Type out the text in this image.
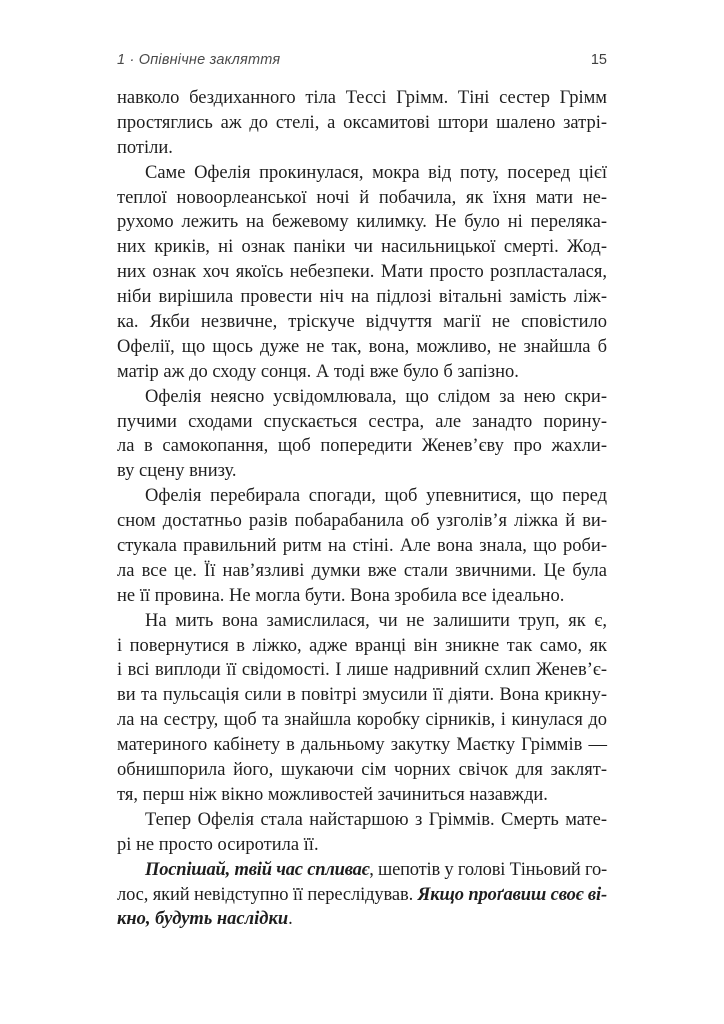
1 · Опівнічне закляття	15
навколо бездиханного тіла Тессі Грімм. Тіні сестер Грімм
простяглись аж до стелі, а оксамитові штори шалено затрі-
потіли.
Саме Офелія прокинулася, мокра від поту, посеред цієї
теплої новоорлеанської ночі й побачила, як їхня мати не-
рухомо лежить на бежевому килимку. Не було ні переляка-
них криків, ні ознак паніки чи насильницької смерті. Жод-
них ознак хоч якоїсь небезпеки. Мати просто розпласталася,
ніби вирішила провести ніч на підлозі вітальні замість ліж-
ка. Якби незвичне, тріскуче відчуття магії не сповістило
Офелії, що щось дуже не так, вона, можливо, не знайшла б
матір аж до сходу сонця. А тоді вже було б запізно.
Офелія неясно усвідомлювала, що слідом за нею скри-
пучими сходами спускається сестра, але занадто порину-
ла в самокопання, щоб попередити Женев’єву про жахли-
ву сцену внизу.
Офелія перебирала спогади, щоб упевнитися, що перед
сном достатньо разів побарабанила об узголів’я ліжка й ви-
стукала правильний ритм на стіні. Але вона знала, що роби-
ла все це. Її нав’язливі думки вже стали звичними. Це була
не її провина. Не могла бути. Вона зробила все ідеально.
На мить вона замислилася, чи не залишити труп, як є,
і повернутися в ліжко, адже вранці він зникне так само, як
і всі виплоди її свідомості. І лише надривний схлип Женев’є-
ви та пульсація сили в повітрі змусили її діяти. Вона крикну-
ла на сестру, щоб та знайшла коробку сірників, і кинулася до
материного кабінету в дальньому закутку Маєтку Гріммів —
обнишпорила його, шукаючи сім чорних свічок для заклят-
тя, перш ніж вікно можливостей зачиниться назавжди.
Тепер Офелія стала найстаршою з Гріммів. Смерть мате-
рі не просто осиротила її.
Поспішай, твій час спливає, шепотів у голові Тіньовий го-
лос, який невідступно її переслідував. Якщо проґавиш своє ві-
кно, будуть наслідки.
